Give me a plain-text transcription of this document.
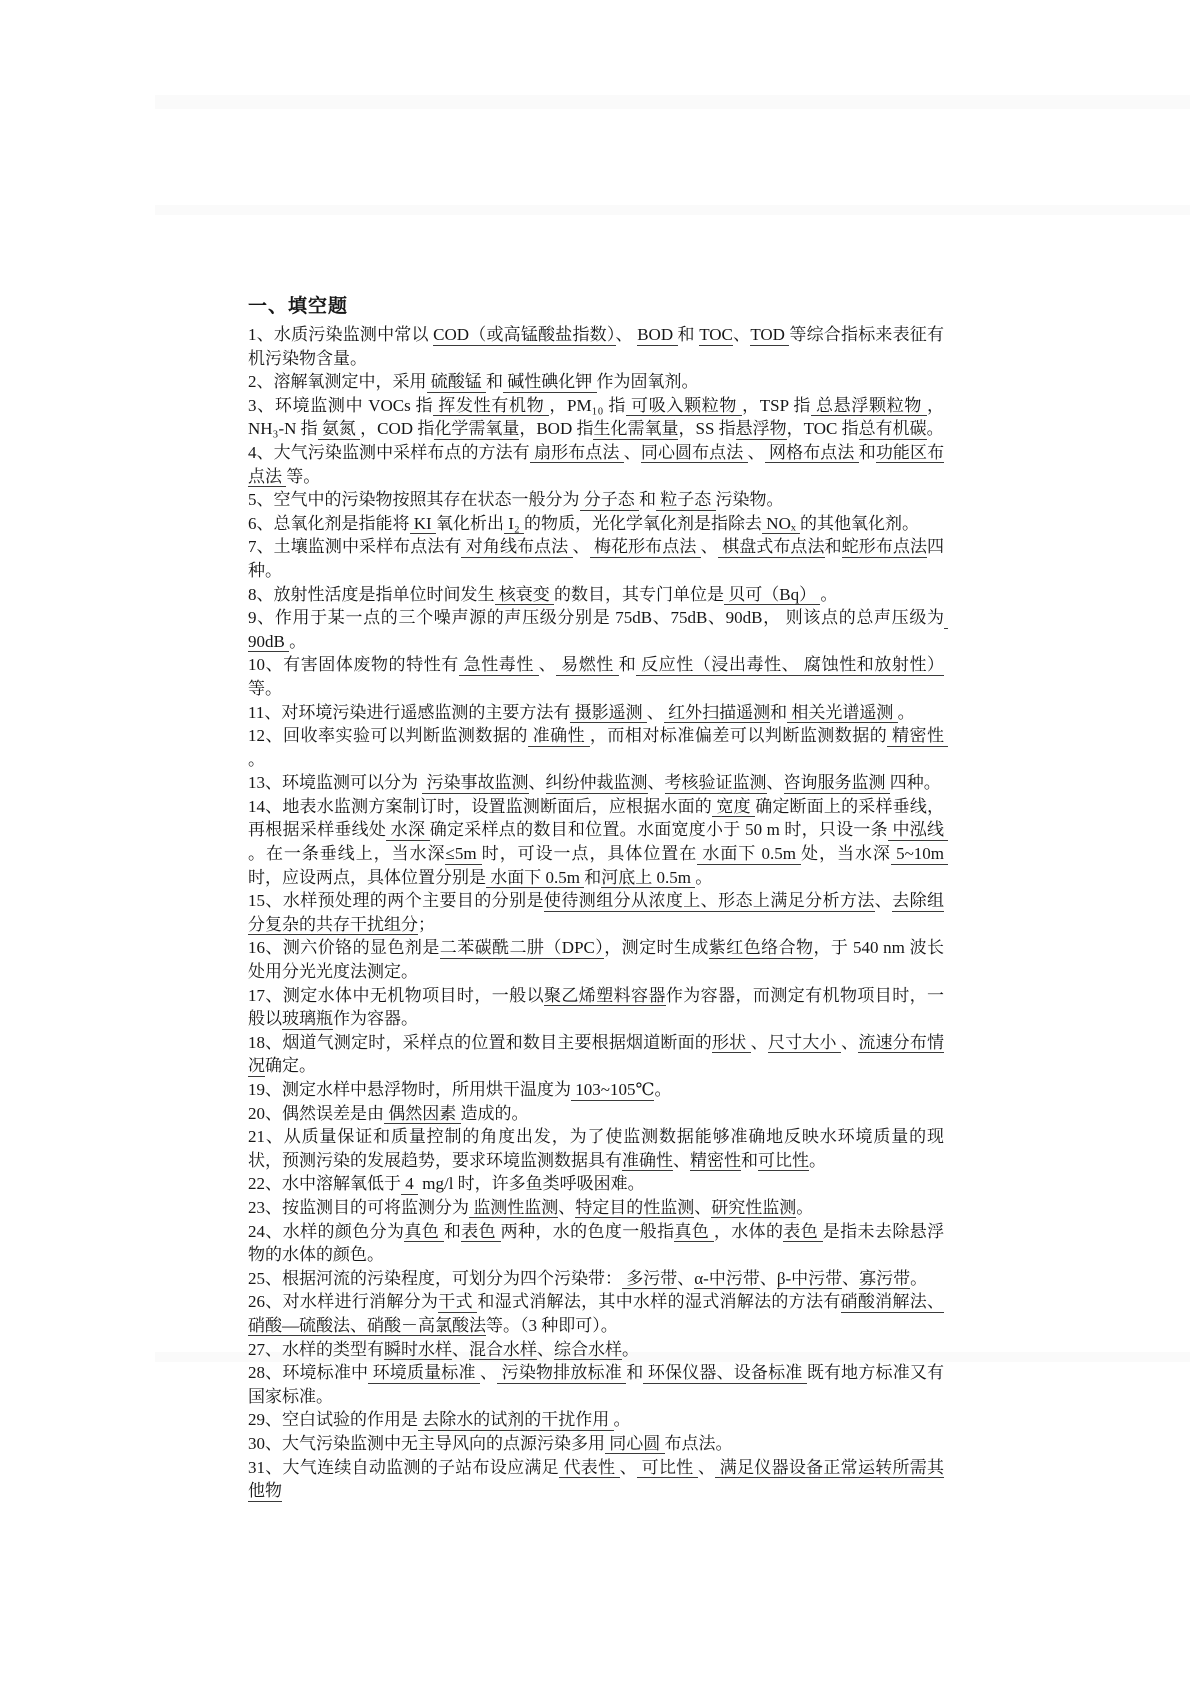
一、填空题

1、水质污染监测中常以 COD（或高锰酸盐指数）、 BOD 和 TOC、TOD 等综合指标来表征有机污染物含量。

2、溶解氧测定中，采用 硫酸锰 和 碱性碘化钾 作为固氧剂。

3、环境监测中 VOCs 指 挥发性有机物 ，PM₁₀ 指 可吸入颗粒物 ，TSP 指 总悬浮颗粒物 ， NH₃-N 指 氨氮 ，COD 指化学需氧量，BOD 指生化需氧量，SS 指悬浮物，TOC 指总有机碳。

4、大气污染监测中采样布点的方法有 扇形布点法 、同心圆布点法 、 网格布点法 和功能区布点法 等。

5、空气中的污染物按照其存在状态一般分为 分子态 和 粒子态 污染物。

6、总氧化剂是指能将 KI 氧化析出 I₂ 的物质，光化学氧化剂是指除去 NOₓ 的其他氧化剂。

7、土壤监测中采样布点法有 对角线布点法 、 梅花形布点法 、 棋盘式布点法和蛇形布点法四种。

8、放射性活度是指单位时间发生 核衰变 的数目，其专门单位是 贝可（Bq） 。

9、作用于某一点的三个噪声源的声压级分别是 75dB、75dB、90dB， 则该点的总声压级为 90dB 。

10、有害固体废物的特性有 急性毒性 、 易燃性 和 反应性（浸出毒性、 腐蚀性和放射性）等。

11、对环境污染进行遥感监测的主要方法有 摄影遥测 、 红外扫描遥测和 相关光谱遥测 。

12、回收率实验可以判断监测数据的 准确性 ，而相对标准偏差可以判断监测数据的 精密性 。

13、环境监测可以分为  污染事故监测、纠纷仲裁监测、考核验证监测、咨询服务监测 四种。

14、地表水监测方案制订时，设置监测断面后，应根据水面的 宽度 确定断面上的采样垂线，再根据采样垂线处 水深 确定采样点的数目和位置。水面宽度小于 50 m 时，只设一条 中泓线 。在一条垂线上，当水深≤5m 时，可设一点，具体位置在 水面下 0.5m 处，当水深 5~10m 时，应设两点，具体位置分别是 水面下 0.5m 和河底上 0.5m 。

15、水样预处理的两个主要目的分别是使待测组分从浓度上、形态上满足分析方法、去除组分复杂的共存干扰组分；

16、测六价铬的显色剂是二苯碳酰二肼（DPC），测定时生成紫红色络合物，于 540 nm 波长处用分光光度法测定。

17、测定水体中无机物项目时，一般以聚乙烯塑料容器作为容器，而测定有机物项目时，一般以玻璃瓶作为容器。

18、烟道气测定时，采样点的位置和数目主要根据烟道断面的形状 、尺寸大小 、流速分布情况确定。

19、测定水样中悬浮物时，所用烘干温度为 103~105℃。

20、偶然误差是由 偶然因素 造成的。

21、从质量保证和质量控制的角度出发，为了使监测数据能够准确地反映水环境质量的现状，预测污染的发展趋势，要求环境监测数据具有准确性、精密性和可比性。

22、水中溶解氧低于 4  mg/l 时，许多鱼类呼吸困难。

23、按监测目的可将监测分为 监测性监测、特定目的性监测、研究性监测。

24、水样的颜色分为真色 和表色 两种，水的色度一般指真色 ，水体的表色 是指未去除悬浮物的水体的颜色。

25、根据河流的污染程度，可划分为四个污染带： 多污带、α-中污带、β-中污带、寡污带。

26、对水样进行消解分为干式 和湿式消解法，其中水样的湿式消解法的方法有硝酸消解法、硝酸—硫酸法、硝酸－高氯酸法等。（3 种即可）。

27、水样的类型有瞬时水样、混合水样、综合水样。

28、环境标准中 环境质量标准 、 污染物排放标准 和 环保仪器、设备标准 既有地方标准又有国家标准。

29、空白试验的作用是 去除水的试剂的干扰作用 。

30、大气污染监测中无主导风向的点源污染多用 同心圆 布点法。

31、大气连续自动监测的子站布设应满足 代表性 、 可比性 、 满足仪器设备正常运转所需其他物
